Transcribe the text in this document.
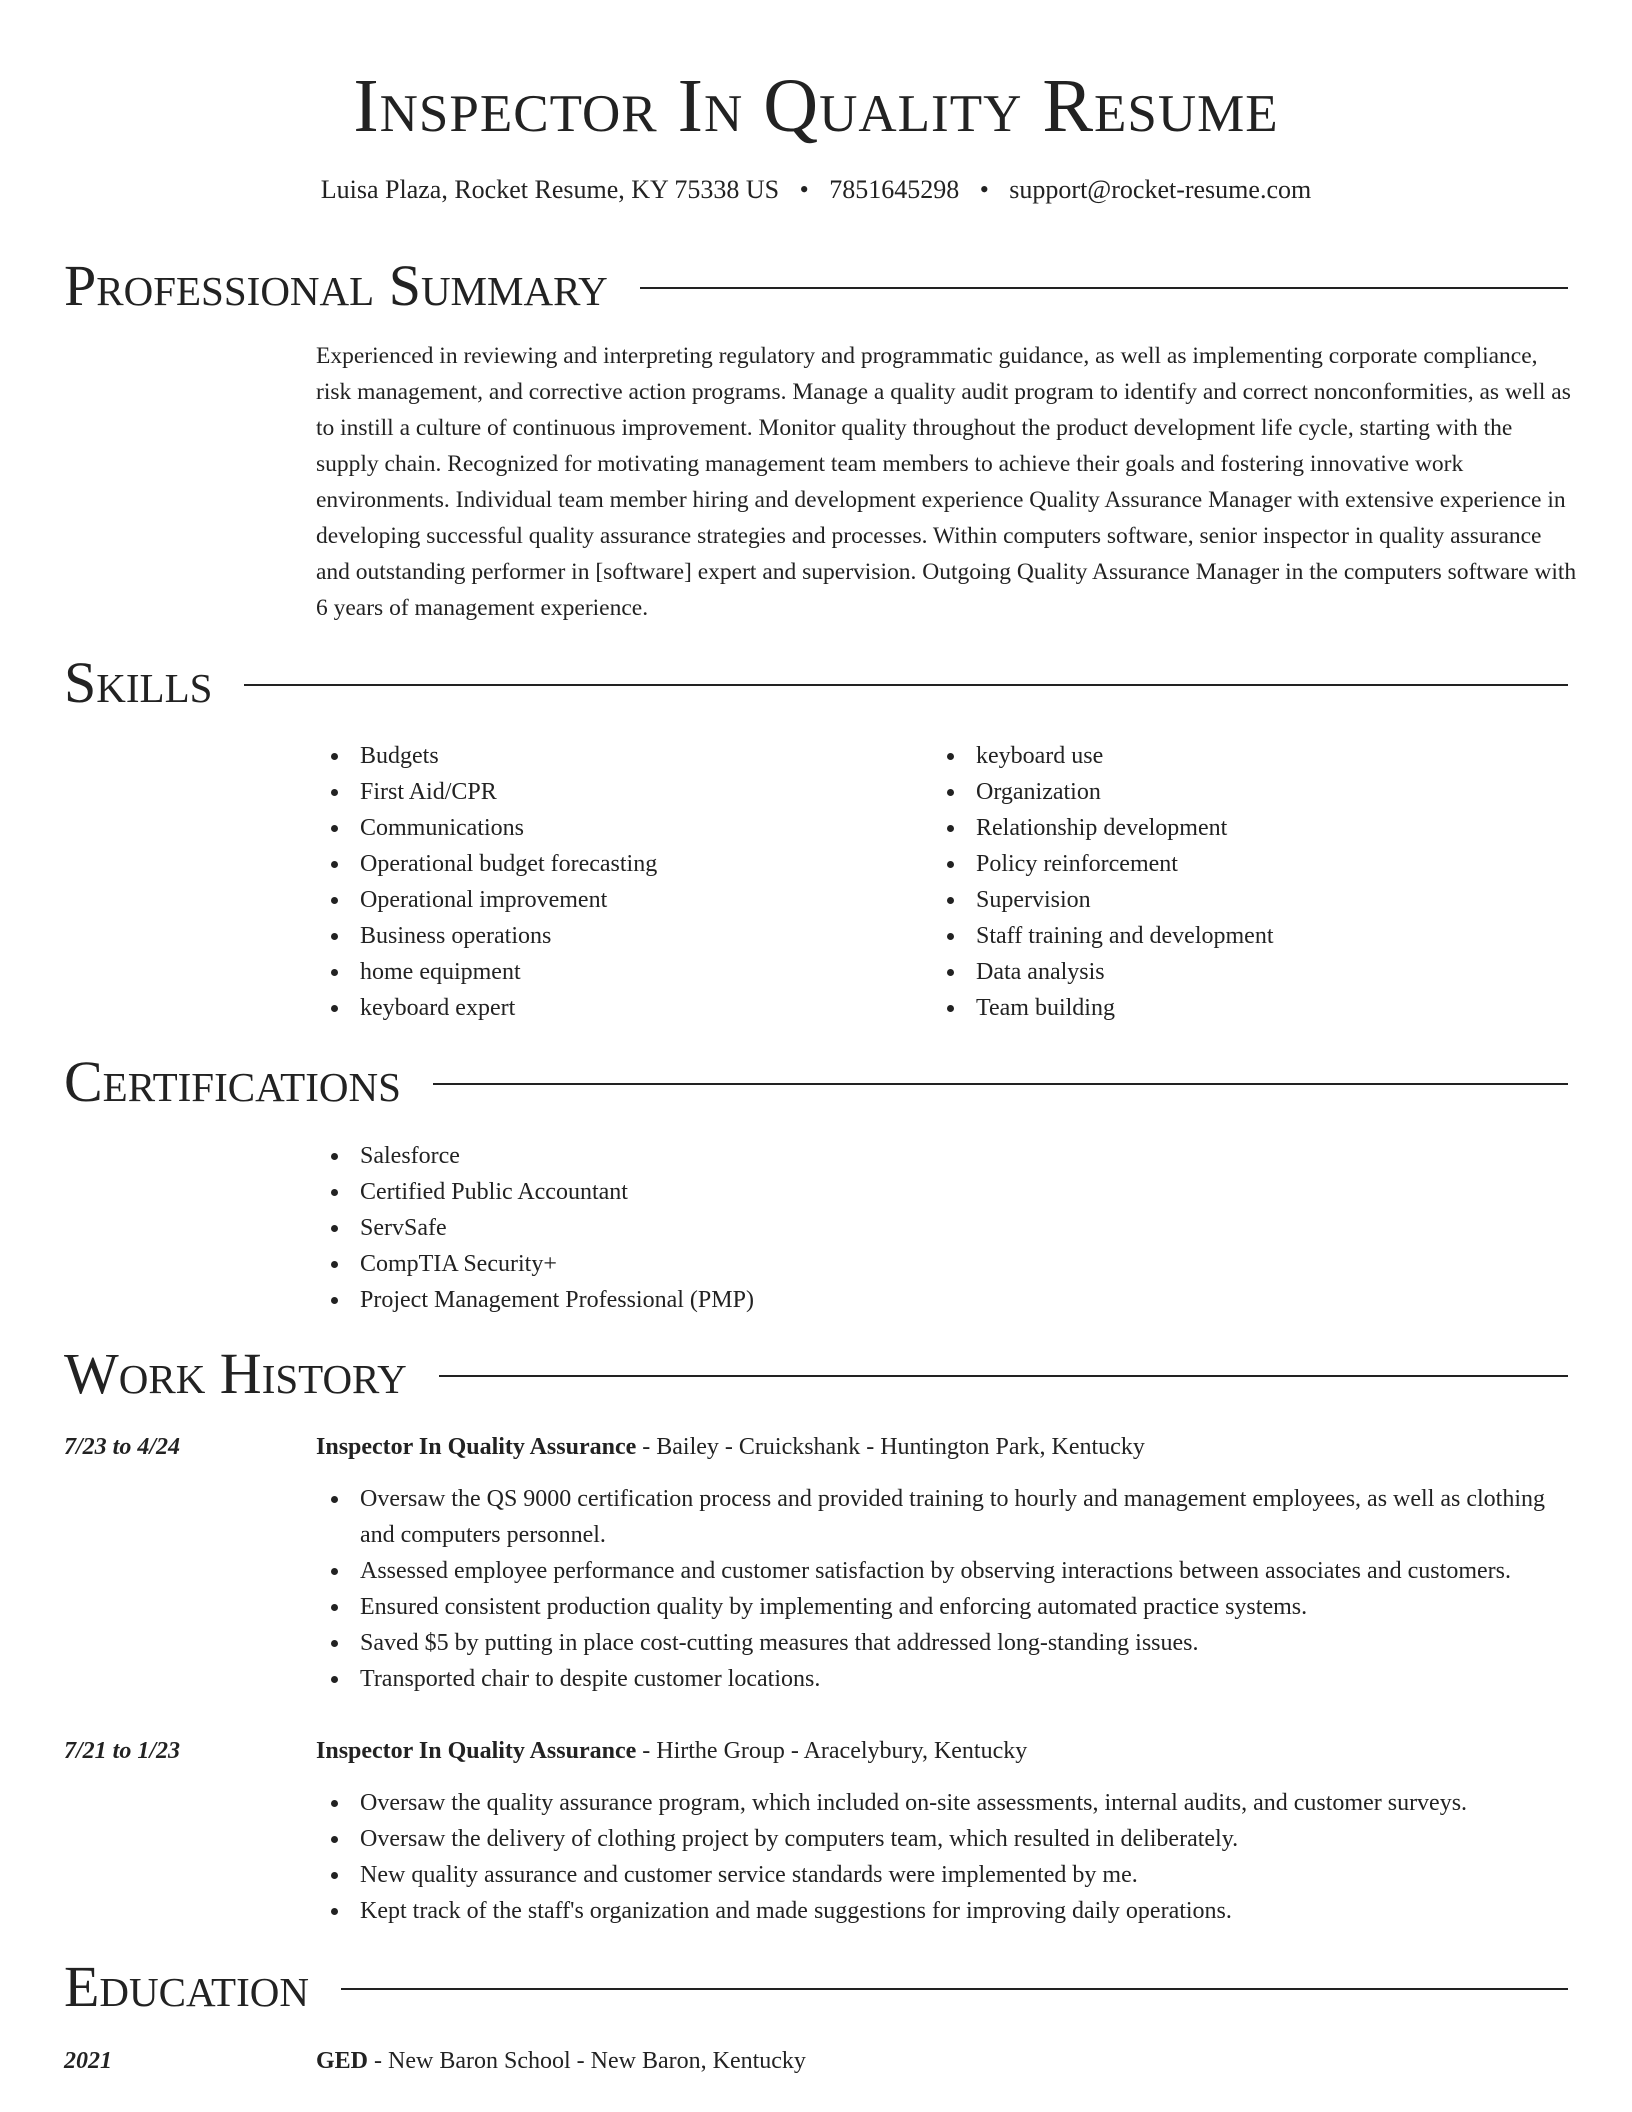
Inspector In Quality Resume
Luisa Plaza, Rocket Resume, KY 75338 US • 7851645298 • support@rocket-resume.com
Professional Summary

Experienced in reviewing and interpreting regulatory and programmatic guidance, as well as implementing corporate compliance, risk management, and corrective action programs. Manage a quality audit program to identify and correct nonconformities, as well as to instill a culture of continuous improvement. Monitor quality throughout the product development life cycle, starting with the supply chain. Recognized for motivating management team members to achieve their goals and fostering innovative work environments. Individual team member hiring and development experience Quality Assurance Manager with extensive experience in developing successful quality assurance strategies and processes. Within computers software, senior inspector in quality assurance and outstanding performer in [software] expert and supervision. Outgoing Quality Assurance Manager in the computers software with 6 years of management experience.

Skills
Budgets
First Aid/CPR
Communications
Operational budget forecasting
Operational improvement
Business operations
home equipment
keyboard expert
keyboard use
Organization
Relationship development
Policy reinforcement
Supervision
Staff training and development
Data analysis
Team building
Certifications
Salesforce
Certified Public Accountant
ServSafe
CompTIA Security+
Project Management Professional (PMP)
Work History
7/23 to 4/24	Inspector In Quality Assurance - Bailey - Cruickshank - Huntington Park, Kentucky
Oversaw the QS 9000 certification process and provided training to hourly and management employees, as well as clothing and computers personnel.
Assessed employee performance and customer satisfaction by observing interactions between associates and customers.
Ensured consistent production quality by implementing and enforcing automated practice systems.
Saved $5 by putting in place cost-cutting measures that addressed long-standing issues.
Transported chair to despite customer locations.
7/21 to 1/23	Inspector In Quality Assurance - Hirthe Group - Aracelybury, Kentucky
Oversaw the quality assurance program, which included on-site assessments, internal audits, and customer surveys.
Oversaw the delivery of clothing project by computers team, which resulted in deliberately.
New quality assurance and customer service standards were implemented by me.
Kept track of the staff's organization and made suggestions for improving daily operations.
Education
2021	GED - New Baron School - New Baron, Kentucky
